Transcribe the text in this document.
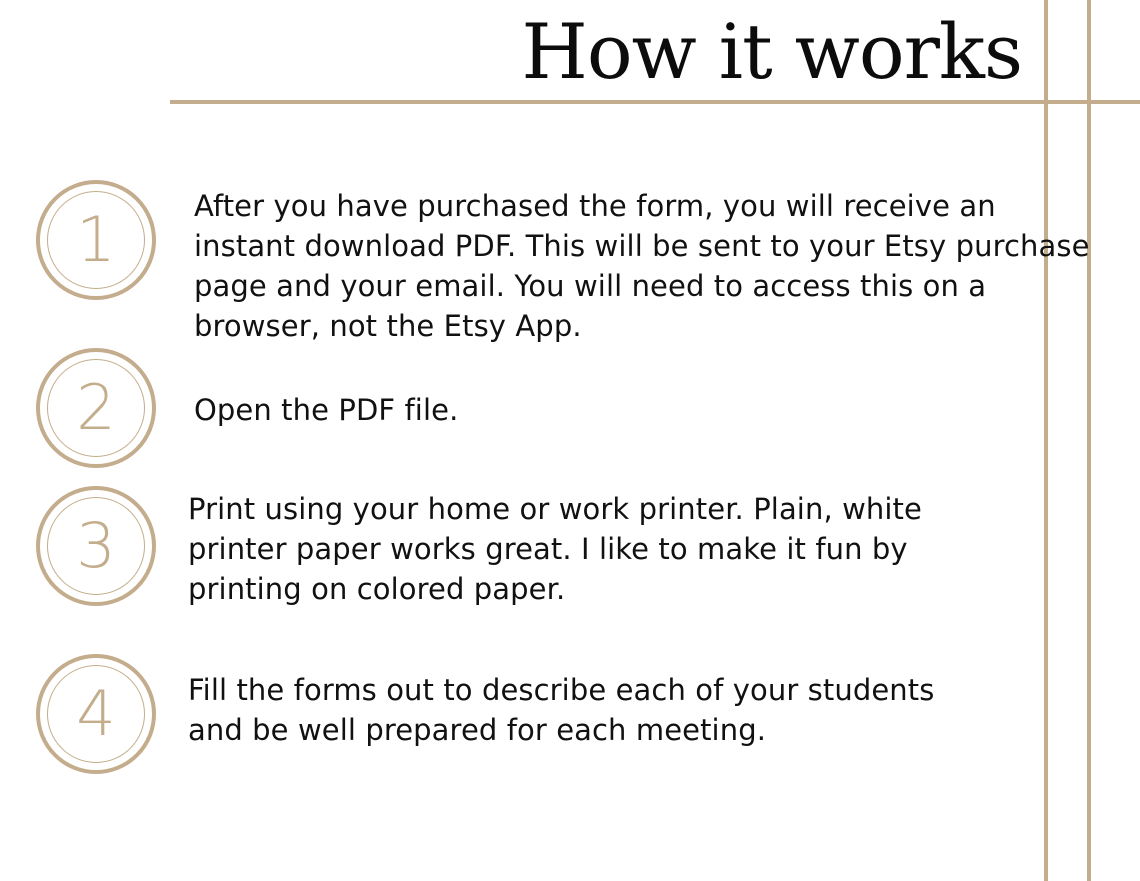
How it works
1	After you have purchased the form, you will receive an
instant download PDF. This will be sent to your Etsy purchase
page and your email. You will need to access this on a
browser, not the Etsy App.
2	Open the PDF file.
3	Print using your home or work printer. Plain, white
printer paper works great. I like to make it fun by
printing on colored paper.
4	Fill the forms out to describe each of your students
and be well prepared for each meeting.
